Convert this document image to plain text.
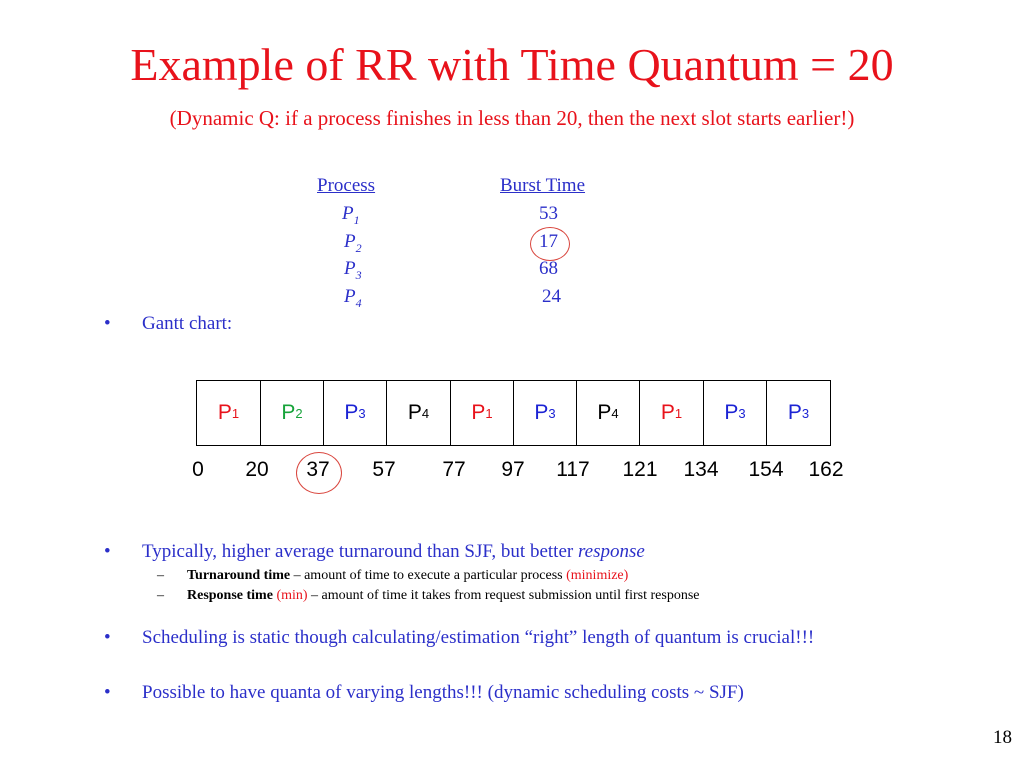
Example of RR with Time Quantum = 20
(Dynamic Q: if a process finishes in less than 20, then the next slot starts earlier!)
Process	Burst Time
$P_1$	53
$P_2$	17
$P_3$	68
$P_4$	24
• Gantt chart:
P 1 P 2 P 3 P 4 P 1 P 3 P 4 P 1 P 3 P 3
0 20 37 57 77 97 117 121 134 154 162
• Typically, higher average turnaround than SJF, but better response
– Turnaround time – amount of time to execute a particular process (minimize)
– Response time (min) – amount of time it takes from request submission until first response
• Scheduling is static though calculating/estimation “right” length of quantum is crucial!!!
• Possible to have quanta of varying lengths!!! (dynamic scheduling costs ~ SJF)
18
